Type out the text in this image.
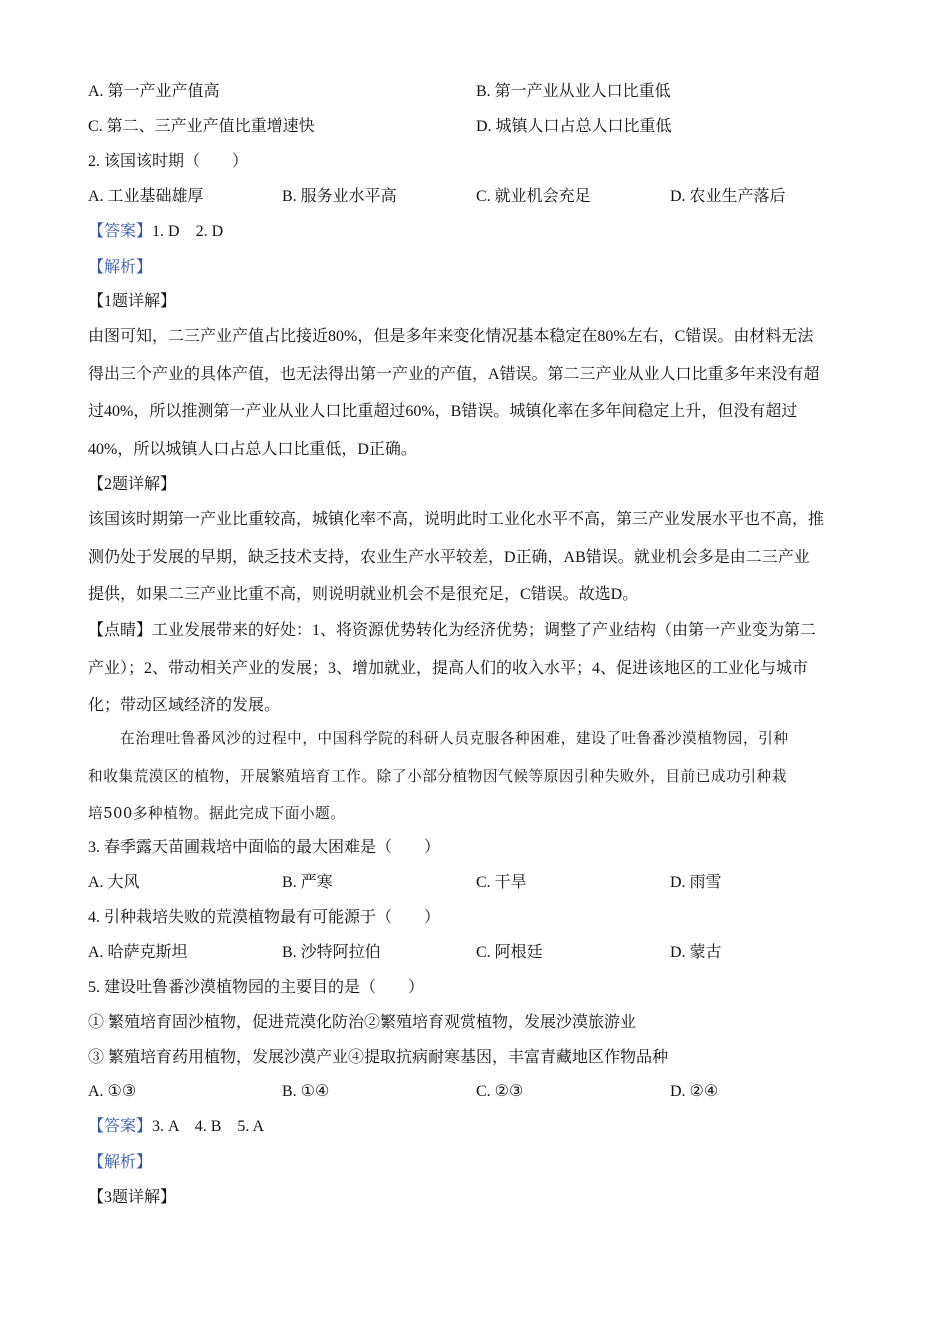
A. 第一产业产值高	B. 第一产业从业人口比重低
C. 第二、三产业产值比重增速快	D. 城镇人口占总人口比重低
2. 该国该时期（　　）
A. 工业基础雄厚	B. 服务业水平高	C. 就业机会充足	D. 农业生产落后
【答案】1. D　2. D
【解析】
【1题详解】
由图可知，二三产业产值占比接近80%，但是多年来变化情况基本稳定在80%左右，C错误。由材料无法
得出三个产业的具体产值，也无法得出第一产业的产值，A错误。第二三产业从业人口比重多年来没有超
过40%，所以推测第一产业从业人口比重超过60%，B错误。城镇化率在多年间稳定上升，但没有超过
40%，所以城镇人口占总人口比重低，D正确。
【2题详解】
该国该时期第一产业比重较高，城镇化率不高，说明此时工业化水平不高，第三产业发展水平也不高，推
测仍处于发展的早期，缺乏技术支持，农业生产水平较差，D正确，AB错误。就业机会多是由二三产业
提供，如果二三产业比重不高，则说明就业机会不是很充足，C错误。故选D。
【点睛】工业发展带来的好处：1、将资源优势转化为经济优势；调整了产业结构（由第一产业变为第二
产业）；2、带动相关产业的发展；3、增加就业，提高人们的收入水平；4、促进该地区的工业化与城市
化；带动区域经济的发展。
在治理吐鲁番风沙的过程中，中国科学院的科研人员克服各种困难，建设了吐鲁番沙漠植物园，引种
和收集荒漠区的植物，开展繁殖培育工作。除了小部分植物因气候等原因引种失败外，目前已成功引种栽
培500多种植物。据此完成下面小题。
3. 春季露天苗圃栽培中面临的最大困难是（　　）
A. 大风	B. 严寒	C. 干旱	D. 雨雪
4. 引种栽培失败的荒漠植物最有可能源于（　　）
A. 哈萨克斯坦	B. 沙特阿拉伯	C. 阿根廷	D. 蒙古
5. 建设吐鲁番沙漠植物园的主要目的是（　　）
① 繁殖培育固沙植物，促进荒漠化防治②繁殖培育观赏植物，发展沙漠旅游业
③ 繁殖培育药用植物，发展沙漠产业④提取抗病耐寒基因，丰富青藏地区作物品种
A. ①③	B. ①④	C. ②③	D. ②④
【答案】3. A　4. B　5. A
【解析】
【3题详解】
